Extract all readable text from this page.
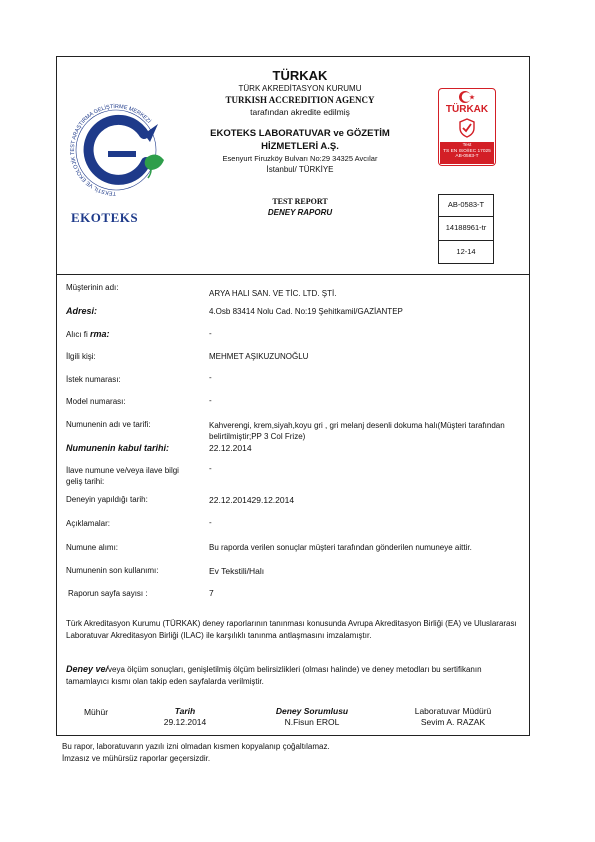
TEKSTİL VE EKOLOJİK TEST ARAŞTIRMA GELİŞTİRME MERKEZİ
EKOTEKS
TÜRKAK
TÜRK AKREDİTASYON KURUMU
TURKISH ACCREDITION AGENCY
tarafından akredite edilmiş
EKOTEKS LABORATUVAR ve GÖZETİM
HİZMETLERİ A.Ş.
Esenyurt Firuzköy Bulvarı No:29 34325 Avcılar
İstanbul/ TÜRKİYE
TEST REPORT
DENEY RAPORU
TÜRKAK
Test
TS EN ISO/IEC 17025
AB-0583-T
AB-0583-T
14188961-tr
12-14
Müşterinin adı:
ARYA HALI SAN. VE TİC. LTD. ŞTİ.
Adresi:	4.Osb 83414 Nolu Cad. No:19 Şehitkamil/GAZİANTEP
Alıcı fi rma:	-
İlgili kişi:	MEHMET AŞIKUZUNOĞLU
İstek numarası:	-
Model numarası:	-
Numunenin adı ve tarifi:	Kahverengi, krem,siyah,koyu gri , gri melanj desenli dokuma halı(Müşteri tarafından belirtilmiştir;PP 3 Col Frize)
Numunenin kabul tarihi:	22.12.2014
İlave numune ve/veya ilave bilgi geliş tarihi:
-
Deneyin yapıldığı tarih:	22.12.201429.12.2014
Açıklamalar:	-
Numune alımı:	Bu raporda verilen sonuçlar müşteri tarafından gönderilen numuneye aittir.
Numunenin son kullanımı:	Ev Tekstili/Halı
Raporun sayfa sayısı :	7
Türk Akreditasyon Kurumu (TÜRKAK) deney raporlarının tanınması konusunda Avrupa Akreditasyon Birliği (EA) ve Uluslararası Laboratuvar Akreditasyon Birliği (ILAC) ile karşılıklı tanınma antlaşmasını imzalamıştır.
Deney ve/veya ölçüm sonuçları, genişletilmiş ölçüm belirsizlikleri (olması halinde) ve deney metodları bu sertifikanın tamamlayıcı kısmı olan takip eden sayfalarda verilmiştir.
Mühür	Tarih
29.12.2014
Deney Sorumlusu
N.Fisun EROL
Laboratuvar Müdürü
Sevim A. RAZAK
Bu rapor, laboratuvarın yazılı izni olmadan kısmen kopyalanıp çoğaltılamaz.
İmzasız ve mühürsüz raporlar geçersizdir.
